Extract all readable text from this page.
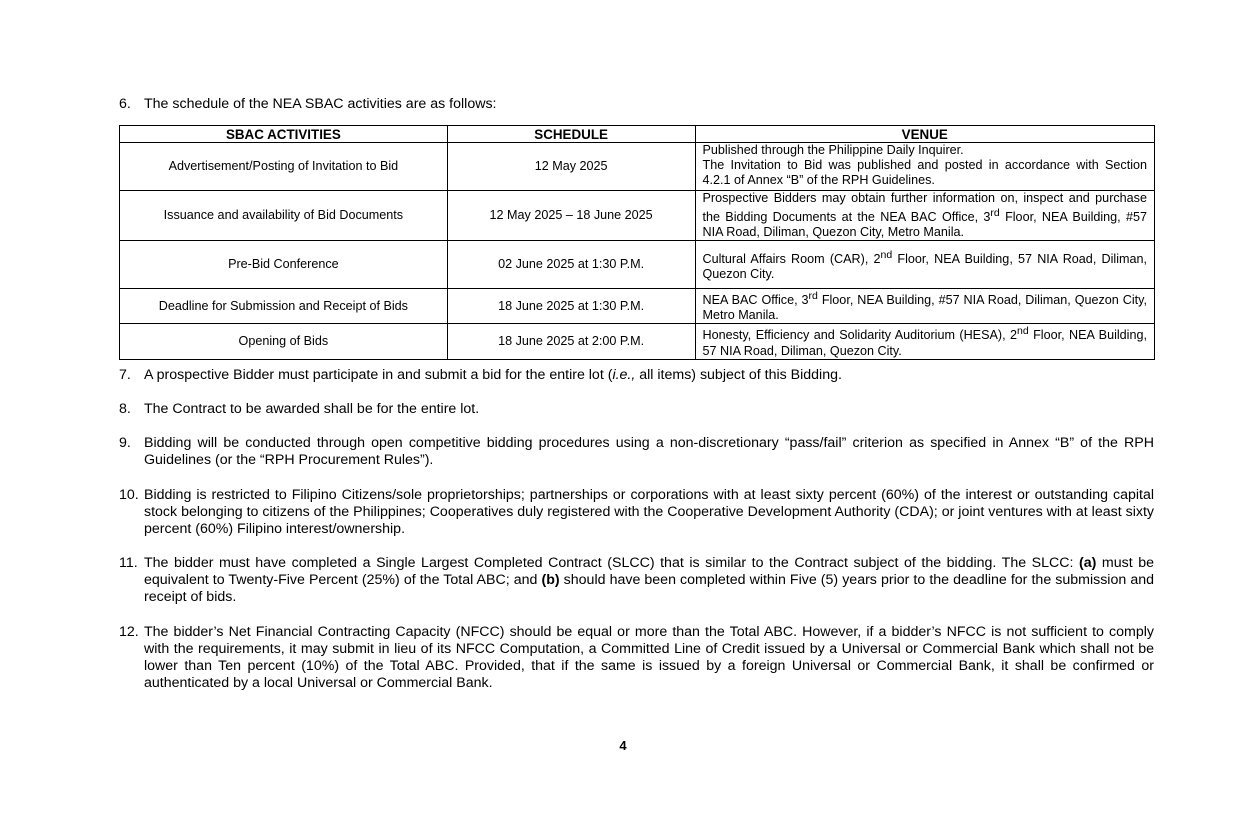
6. The schedule of the NEA SBAC activities are as follows:
SBAC ACTIVITIES	SCHEDULE	VENUE
Advertisement/Posting of Invitation to Bid	12 May 2025	Published through the Philippine Daily Inquirer.
The Invitation to Bid was published and posted in accordance with Section 4.2.1 of Annex “B” of the RPH Guidelines.

Issuance and availability of Bid Documents	12 May 2025 – 18 June 2025	Prospective Bidders may obtain further information on, inspect and purchase the Bidding Documents at the NEA BAC Office, 3rd Floor, NEA Building, #57 NIA Road, Diliman, Quezon City, Metro Manila.
Pre-Bid Conference	02 June 2025 at 1:30 P.M.	Cultural Affairs Room (CAR), 2nd Floor, NEA Building, 57 NIA Road, Diliman, Quezon City.
Deadline for Submission and Receipt of Bids	18 June 2025 at 1:30 P.M.	NEA BAC Office, 3rd Floor, NEA Building, #57 NIA Road, Diliman, Quezon City, Metro Manila.
Opening of Bids	18 June 2025 at 2:00 P.M.	Honesty, Efficiency and Solidarity Auditorium (HESA), 2nd Floor, NEA Building, 57 NIA Road, Diliman, Quezon City.
7. A prospective Bidder must participate in and submit a bid for the entire lot (i.e., all items) subject of this Bidding.
8. The Contract to be awarded shall be for the entire lot.
9. Bidding will be conducted through open competitive bidding procedures using a non-discretionary “pass/fail” criterion as specified in Annex “B” of the RPH Guidelines (or the “RPH Procurement Rules”).
10. Bidding is restricted to Filipino Citizens/sole proprietorships; partnerships or corporations with at least sixty percent (60%) of the interest or outstanding capital stock belonging to citizens of the Philippines; Cooperatives duly registered with the Cooperative Development Authority (CDA); or joint ventures with at least sixty percent (60%) Filipino interest/ownership.
11. The bidder must have completed a Single Largest Completed Contract (SLCC) that is similar to the Contract subject of the bidding. The SLCC: (a) must be equivalent to Twenty-Five Percent (25%) of the Total ABC; and (b) should have been completed within Five (5) years prior to the deadline for the submission and receipt of bids.
12. The bidder’s Net Financial Contracting Capacity (NFCC) should be equal or more than the Total ABC. However, if a bidder’s NFCC is not sufficient to comply with the requirements, it may submit in lieu of its NFCC Computation, a Committed Line of Credit issued by a Universal or Commercial Bank which shall not be lower than Ten percent (10%) of the Total ABC. Provided, that if the same is issued by a foreign Universal or Commercial Bank, it shall be confirmed or authenticated by a local Universal or Commercial Bank.
4
